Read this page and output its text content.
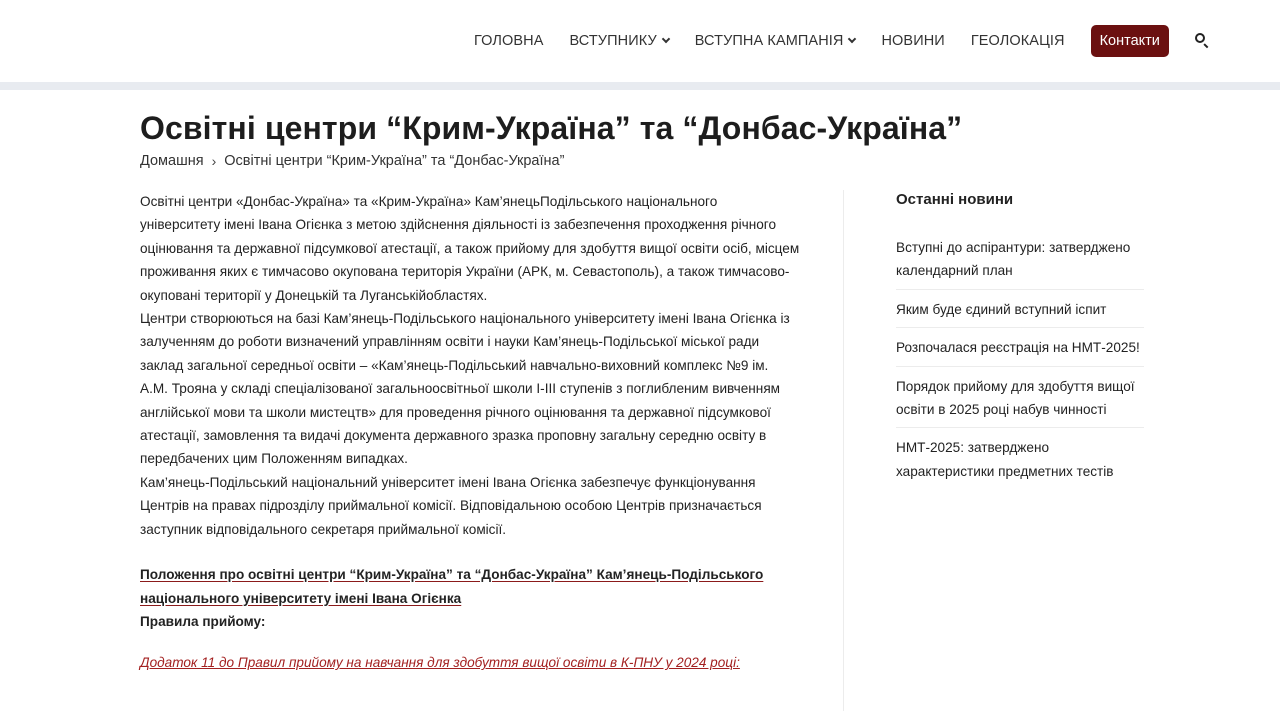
ГОЛОВНА ВСТУПНИКУ	ВСТУПНА КАМПАНІЯ	НОВИНИ ГЕОЛОКАЦІЯ	Контакти
Освітні центри “Крим-Україна” та “Донбас-Україна”
Домашня › Освітні центри “Крим-Україна” та “Донбас-Україна”

Освітні центри «Донбас-Україна» та «Крим-Україна» Кам’янецьПодільського національного університету імені Івана Огієнка з метою здійснення діяльності із забезпечення проходження річного оцінювання та державної підсумкової атестації, а також прийому для здобуття вищої освіти осіб, місцем проживання яких є тимчасово окупована територія України (АРК, м. Севастополь), а також тимчасово-окуповані території у Донецькій та Луганськійобластях.

Центри створюються на базі Кам’янець-Подільського національного університету імені Івана Огієнка із залученням до роботи визначений управлінням освіти і науки Кам’янець-Подільської міської ради заклад загальної середньої освіти – «Кам’янець-Подільський навчально-виховний комплекс №9 ім. А.М. Трояна у складі спеціалізованої загальноосвітньої школи I-III ступенів з поглибленим вивченням англійської мови та школи мистецтв» для проведення річного оцінювання та державної підсумкової атестації, замовлення та видачі документа державного зразка проповну загальну середню освіту в передбачених цим Положенням випадках.

Кам’янець-Подільський національний університет імені Івана Огієнка забезпечує функціонування Центрів на правах підрозділу приймальної комісії. Відповідальною особою Центрів призначається заступник відповідального секретаря приймальної комісії.

Положення про освітні центри “Крим-Україна” та “Донбас-Україна” Кам’янець-Подільського національного університету імені Івана Огієнка

Правила прийому:

Додаток 11 до Правил прийому на навчання для здобуття вищої освіти в К-ПНУ у 2024 році:
Останні новини
Вступні до аспірантури: затверджено календарний план
Яким буде єдиний вступний іспит
Розпочалася реєстрація на НМТ-2025!
Порядок прийому для здобуття вищої освіти в 2025 році набув чинності
НМТ-2025: затверджено характеристики предметних тестів
